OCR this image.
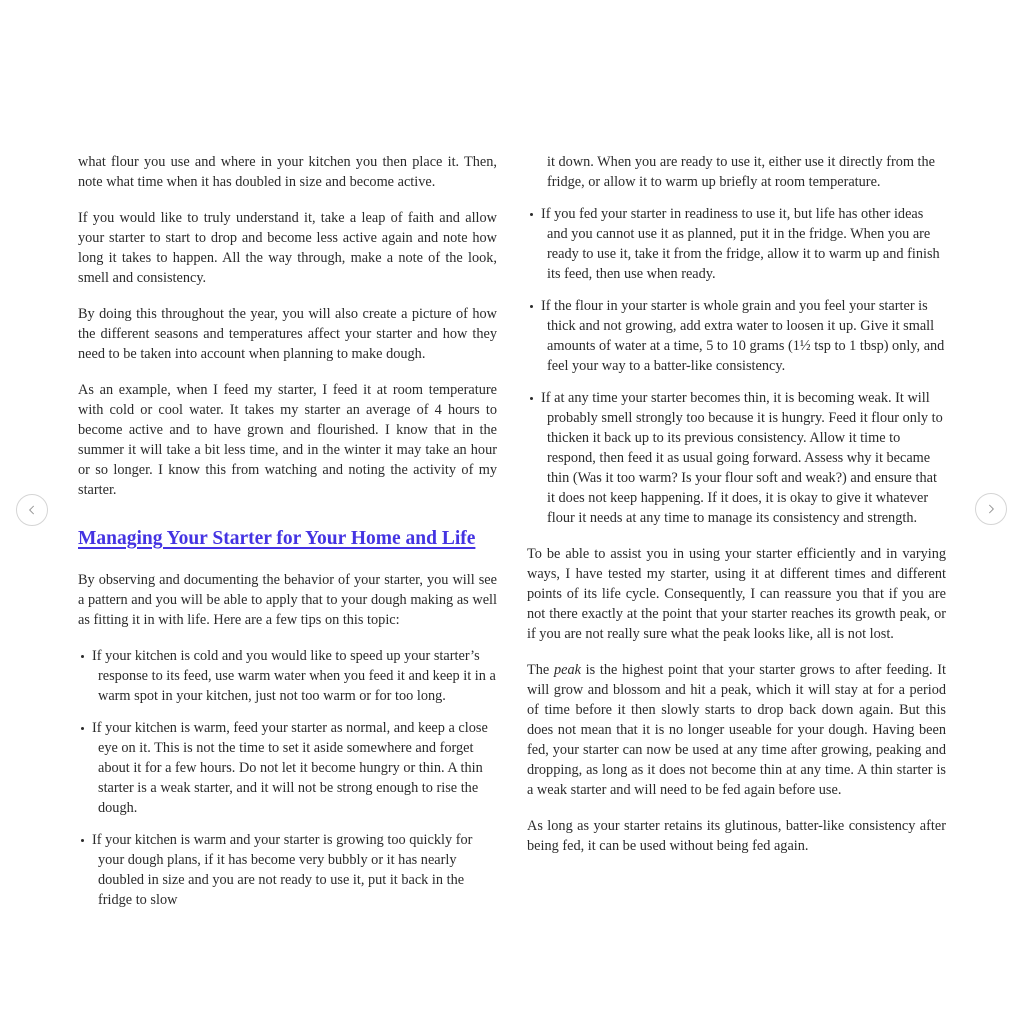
what flour you use and where in your kitchen you then place it. Then, note what time when it has doubled in size and become active.

If you would like to truly understand it, take a leap of faith and allow your starter to start to drop and become less active again and note how long it takes to happen. All the way through, make a note of the look, smell and consistency.

By doing this throughout the year, you will also create a picture of how the different seasons and temperatures affect your starter and how they need to be taken into account when planning to make dough.

As an example, when I feed my starter, I feed it at room temperature with cold or cool water. It takes my starter an average of 4 hours to become active and to have grown and flourished. I know that in the summer it will take a bit less time, and in the winter it may take an hour or so longer. I know this from watching and noting the activity of my starter.

Managing Your Starter for Your Home and Life

By observing and documenting the behavior of your starter, you will see a pattern and you will be able to apply that to your dough making as well as fitting it in with life. Here are a few tips on this topic:

If your kitchen is cold and you would like to speed up your starter’s response to its feed, use warm water when you feed it and keep it in a warm spot in your kitchen, just not too warm or for too long.
If your kitchen is warm, feed your starter as normal, and keep a close eye on it. This is not the time to set it aside somewhere and forget about it for a few hours. Do not let it become hungry or thin. A thin starter is a weak starter, and it will not be strong enough to rise the dough.
If your kitchen is warm and your starter is growing too quickly for your dough plans, if it has become very bubbly or it has nearly doubled in size and you are not ready to use it, put it back in the fridge to slow

it down. When you are ready to use it, either use it directly from the fridge, or allow it to warm up briefly at room temperature.

If you fed your starter in readiness to use it, but life has other ideas and you cannot use it as planned, put it in the fridge. When you are ready to use it, take it from the fridge, allow it to warm up and finish its feed, then use when ready.
If the flour in your starter is whole grain and you feel your starter is thick and not growing, add extra water to loosen it up. Give it small amounts of water at a time, 5 to 10 grams (1½ tsp to 1 tbsp) only, and feel your way to a batter-like consistency.
If at any time your starter becomes thin, it is becoming weak. It will probably smell strongly too because it is hungry. Feed it flour only to thicken it back up to its previous consistency. Allow it time to respond, then feed it as usual going forward. Assess why it became thin (Was it too warm? Is your flour soft and weak?) and ensure that it does not keep happening. If it does, it is okay to give it whatever flour it needs at any time to manage its consistency and strength.

To be able to assist you in using your starter efficiently and in varying ways, I have tested my starter, using it at different times and different points of its life cycle. Consequently, I can reassure you that if you are not there exactly at the point that your starter reaches its growth peak, or if you are not really sure what the peak looks like, all is not lost.

The peak is the highest point that your starter grows to after feeding. It will grow and blossom and hit a peak, which it will stay at for a period of time before it then slowly starts to drop back down again. But this does not mean that it is no longer useable for your dough. Having been fed, your starter can now be used at any time after growing, peaking and dropping, as long as it does not become thin at any time. A thin starter is a weak starter and will need to be fed again before use.

As long as your starter retains its glutinous, batter-like consistency after being fed, it can be used without being fed again.
